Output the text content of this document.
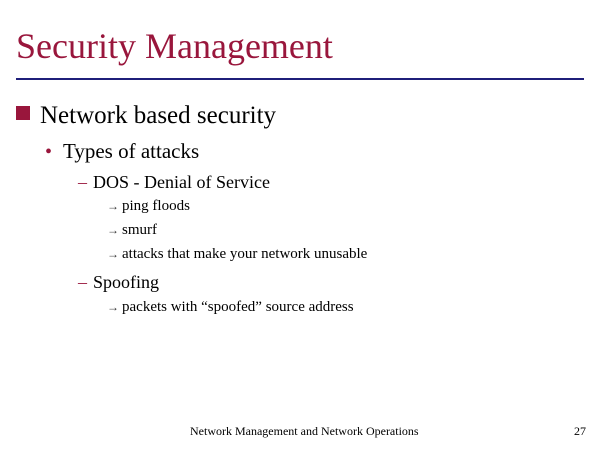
Security Management
Network based security
• Types of attacks
– DOS - Denial of Service
→ ping floods
→ smurf
→ attacks that make your network unusable
– Spoofing
→ packets with “spoofed” source address
Network Management and Network Operations	27
